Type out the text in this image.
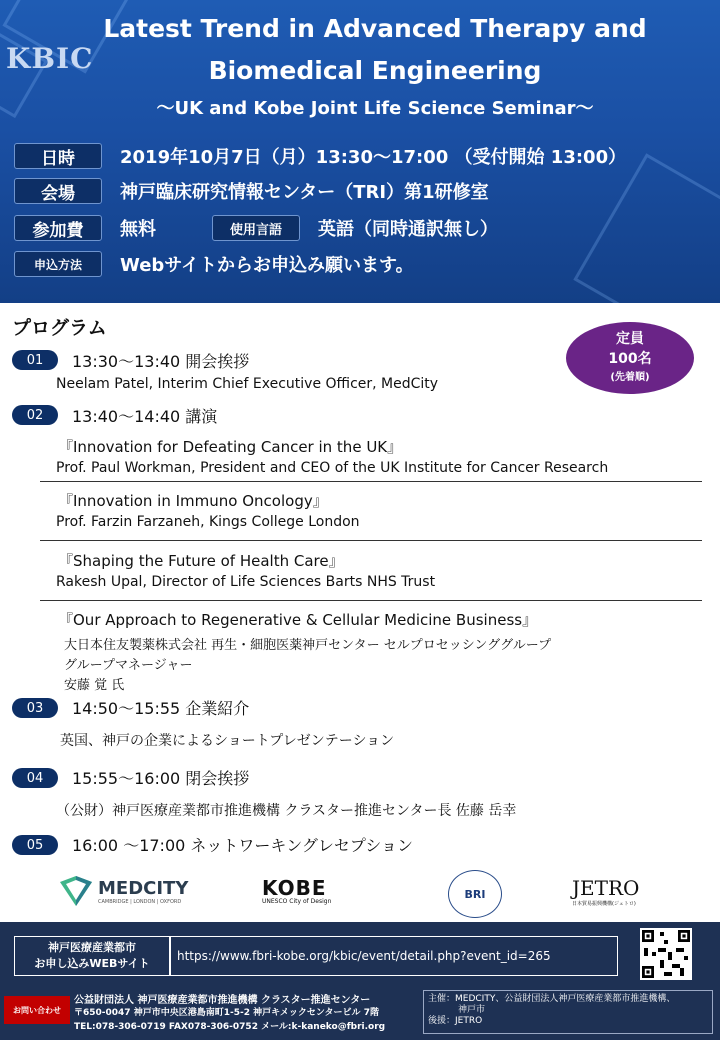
KBIC
Latest Trend in Advanced Therapy and
Biomedical Engineering
〜UK and Kobe Joint Life Science Seminar〜
日時	2019年10月7日（月）13:30〜17:00 （受付開始 13:00）
会場	神戸臨床研究情報センター（TRI）第1研修室
参加費	無料	使用言語	英語（同時通訳無し）
申込方法	Webサイトからお申込み願います。
プログラム	定員
100名
(先着順)
01	13:30〜13:40 開会挨拶
Neelam Patel, Interim Chief Executive Officer, MedCity
02	13:40〜14:40 講演
『Innovation for Defeating Cancer in the UK』
Prof. Paul Workman, President and CEO of the UK Institute for Cancer Research
『Innovation in Immuno Oncology』
Prof. Farzin Farzaneh, Kings College London
『Shaping the Future of Health Care』
Rakesh Upal, Director of Life Sciences Barts NHS Trust
『Our Approach to Regenerative & Cellular Medicine Business』
大日本住友製薬株式会社 再生・細胞医薬神戸センター セルプロセッシンググループ
グループマネージャー
安藤 覚 氏
03	14:50〜15:55 企業紹介
英国、神戸の企業によるショートプレゼンテーション
04	15:55〜16:00 閉会挨拶
（公財）神戸医療産業都市推進機構 クラスター推進センター長 佐藤 岳幸
05	16:00 〜17:00 ネットワーキングレセプション
MEDCITY
CAMBRIDGE | LONDON | OXFORD
KOBE
UNESCO City of Design
BRI	JETRO
日本貿易振興機構(ジェトロ)
神戸医療産業都市
お申し込みWEBサイト
https://www.fbri-kobe.org/kbic/event/detail.php?event_id=265
お問い合わせ
公益財団法人 神戸医療産業都市推進機構 クラスター推進センター
〒650-0047 神戸市中央区港島南町1-5-2 神戸キメックセンタービル 7階
TEL:078-306-0719 FAX078-306-0752 メール:k-kaneko@fbri.org
主催：MEDCITY、公益財団法人神戸医療産業都市推進機構、
神戸市
後援：JETRO
